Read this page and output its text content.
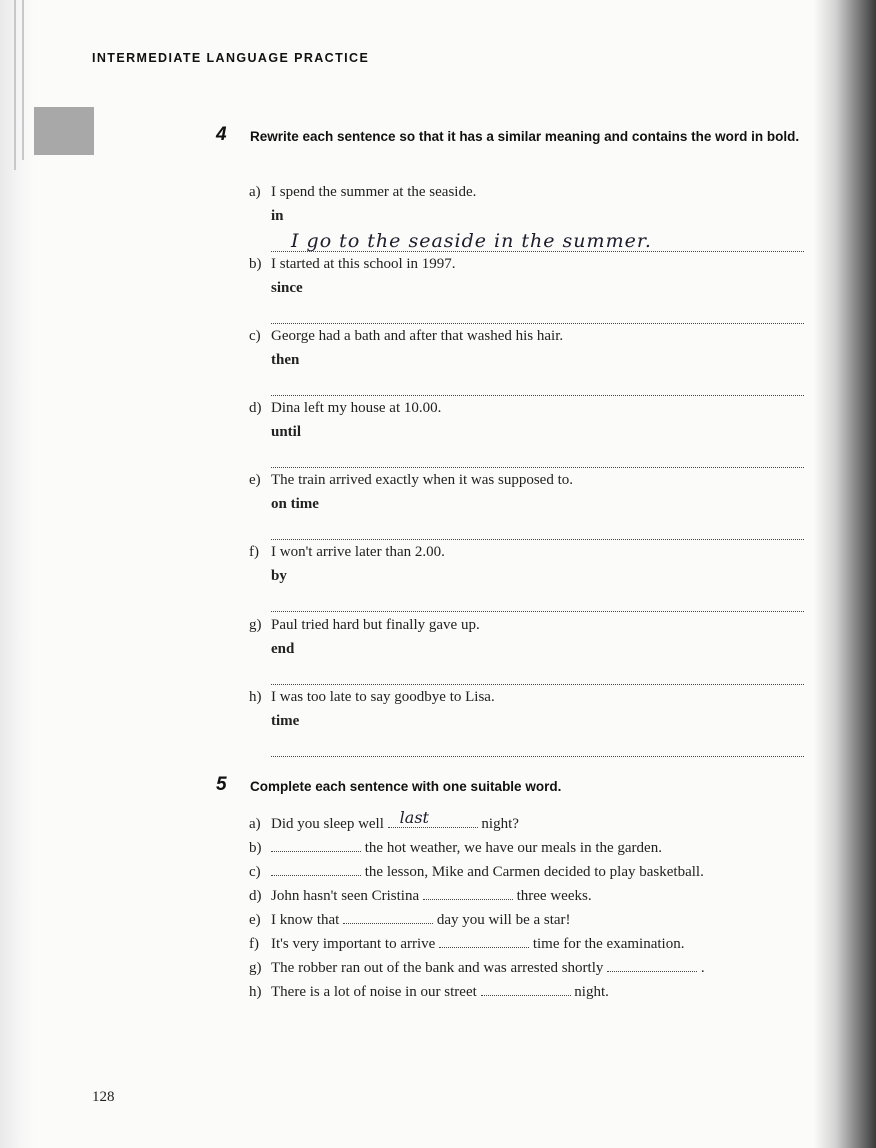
INTERMEDIATE LANGUAGE PRACTICE
4 Rewrite each sentence so that it has a similar meaning and contains the word in bold.
a) I spend the summer at the seaside.
in
I go to the seaside in the summer.
b) I started at this school in 1997.
since
c) George had a bath and after that washed his hair.
then
d) Dina left my house at 10.00.
until
e) The train arrived exactly when it was supposed to.
on time
f) I won't arrive later than 2.00.
by
g) Paul tried hard but finally gave up.
end
h) I was too late to say goodbye to Lisa.
time
5 Complete each sentence with one suitable word.
a) Did you sleep well last	night?
b)	the hot weather, we have our meals in the garden.
c)	the lesson, Mike and Carmen decided to play basketball.
d) John hasn't seen Cristina	three weeks.
e) I know that	day you will be a star!
f) It's very important to arrive	time for the examination.
g) The robber ran out of the bank and was arrested shortly	.
h) There is a lot of noise in our street	night.
128
